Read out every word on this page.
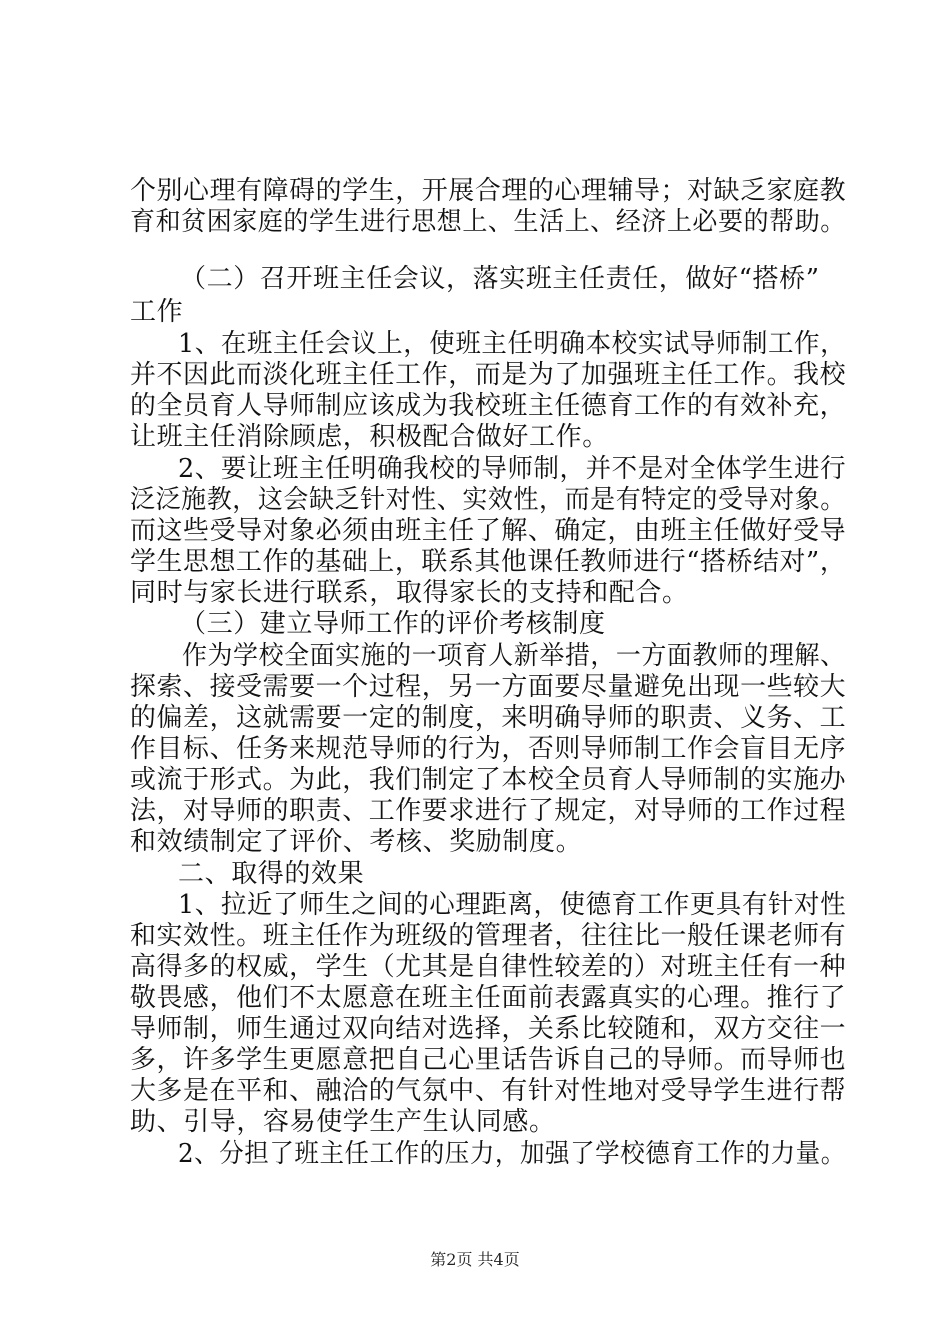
个别心理有障碍的学生，开展合理的心理辅导；对缺乏家庭教
育和贫困家庭的学生进行思想上、生活上、经济上必要的帮助。
（二）召开班主任会议，落实班主任责任，做好“搭桥”
工作
1、在班主任会议上，使班主任明确本校实试导师制工作，
并不因此而淡化班主任工作，而是为了加强班主任工作。我校
的全员育人导师制应该成为我校班主任德育工作的有效补充，
让班主任消除顾虑，积极配合做好工作。
2、要让班主任明确我校的导师制，并不是对全体学生进行
泛泛施教，这会缺乏针对性、实效性，而是有特定的受导对象。
而这些受导对象必须由班主任了解、确定，由班主任做好受导
学生思想工作的基础上，联系其他课任教师进行“搭桥结对”，
同时与家长进行联系，取得家长的支持和配合。
（三）建立导师工作的评价考核制度
作为学校全面实施的一项育人新举措，一方面教师的理解、
探索、接受需要一个过程，另一方面要尽量避免出现一些较大
的偏差，这就需要一定的制度，来明确导师的职责、义务、工
作目标、任务来规范导师的行为，否则导师制工作会盲目无序
或流于形式。为此，我们制定了本校全员育人导师制的实施办
法，对导师的职责、工作要求进行了规定，对导师的工作过程
和效绩制定了评价、考核、奖励制度。
二、取得的效果
1、拉近了师生之间的心理距离，使德育工作更具有针对性
和实效性。班主任作为班级的管理者，往往比一般任课老师有
高得多的权威，学生（尤其是自律性较差的）对班主任有一种
敬畏感，他们不太愿意在班主任面前表露真实的心理。推行了
导师制，师生通过双向结对选择，关系比较随和，双方交往一
多，许多学生更愿意把自己心里话告诉自己的导师。而导师也
大多是在平和、融洽的气氛中、有针对性地对受导学生进行帮
助、引导，容易使学生产生认同感。
2、分担了班主任工作的压力，加强了学校德育工作的力量。
第2页 共4页
